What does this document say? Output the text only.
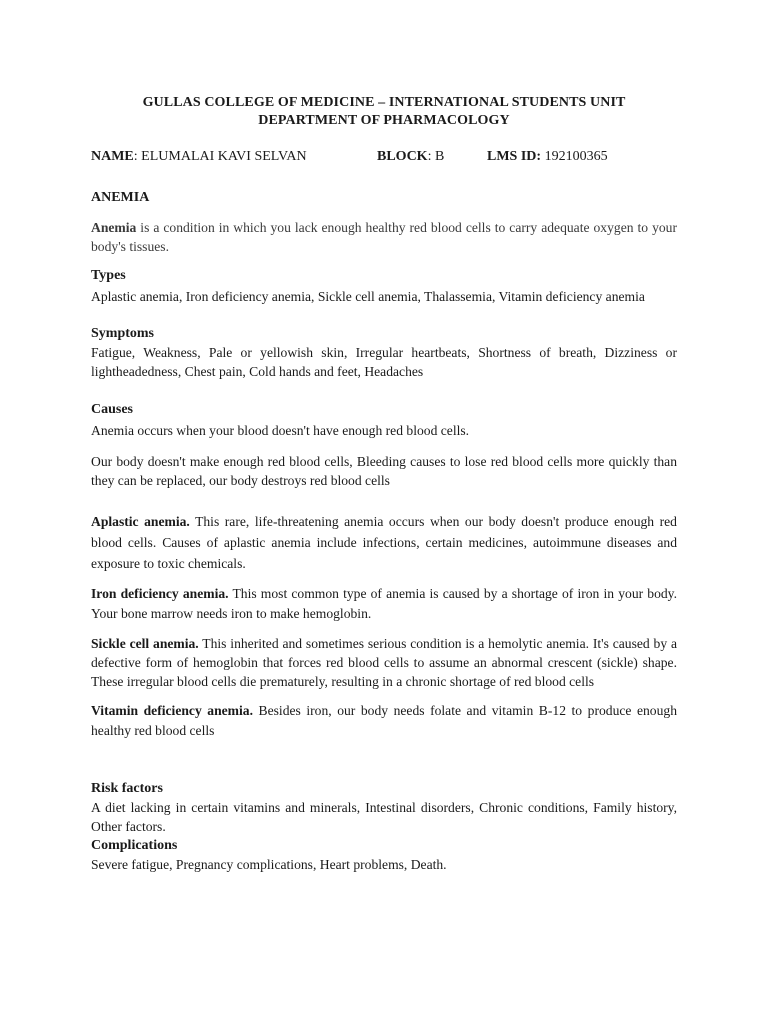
GULLAS COLLEGE OF MEDICINE – INTERNATIONAL STUDENTS UNIT
DEPARTMENT OF PHARMACOLOGY
NAME: ELUMALAI KAVI SELVAN	BLOCK: B	LMS ID: 192100365
ANEMIA

Anemia is a condition in which you lack enough healthy red blood cells to carry adequate oxygen to your body's tissues.

Types

Aplastic anemia, Iron deficiency anemia, Sickle cell anemia, Thalassemia, Vitamin deficiency anemia

Symptoms

Fatigue, Weakness, Pale or yellowish skin, Irregular heartbeats, Shortness of breath, Dizziness or lightheadedness, Chest pain, Cold hands and feet, Headaches

Causes

Anemia occurs when your blood doesn't have enough red blood cells.

Our body doesn't make enough red blood cells, Bleeding causes to lose red blood cells more quickly than they can be replaced, our body destroys red blood cells

Aplastic anemia. This rare, life-threatening anemia occurs when our body doesn't produce enough red blood cells. Causes of aplastic anemia include infections, certain medicines, autoimmune diseases and exposure to toxic chemicals.

Iron deficiency anemia. This most common type of anemia is caused by a shortage of iron in your body. Your bone marrow needs iron to make hemoglobin.

Sickle cell anemia. This inherited and sometimes serious condition is a hemolytic anemia. It's caused by a defective form of hemoglobin that forces red blood cells to assume an abnormal crescent (sickle) shape. These irregular blood cells die prematurely, resulting in a chronic shortage of red blood cells

Vitamin deficiency anemia. Besides iron, our body needs folate and vitamin B-12 to produce enough healthy red blood cells

Risk factors

A diet lacking in certain vitamins and minerals, Intestinal disorders, Chronic conditions, Family history, Other factors.

Complications

Severe fatigue, Pregnancy complications, Heart problems, Death.
